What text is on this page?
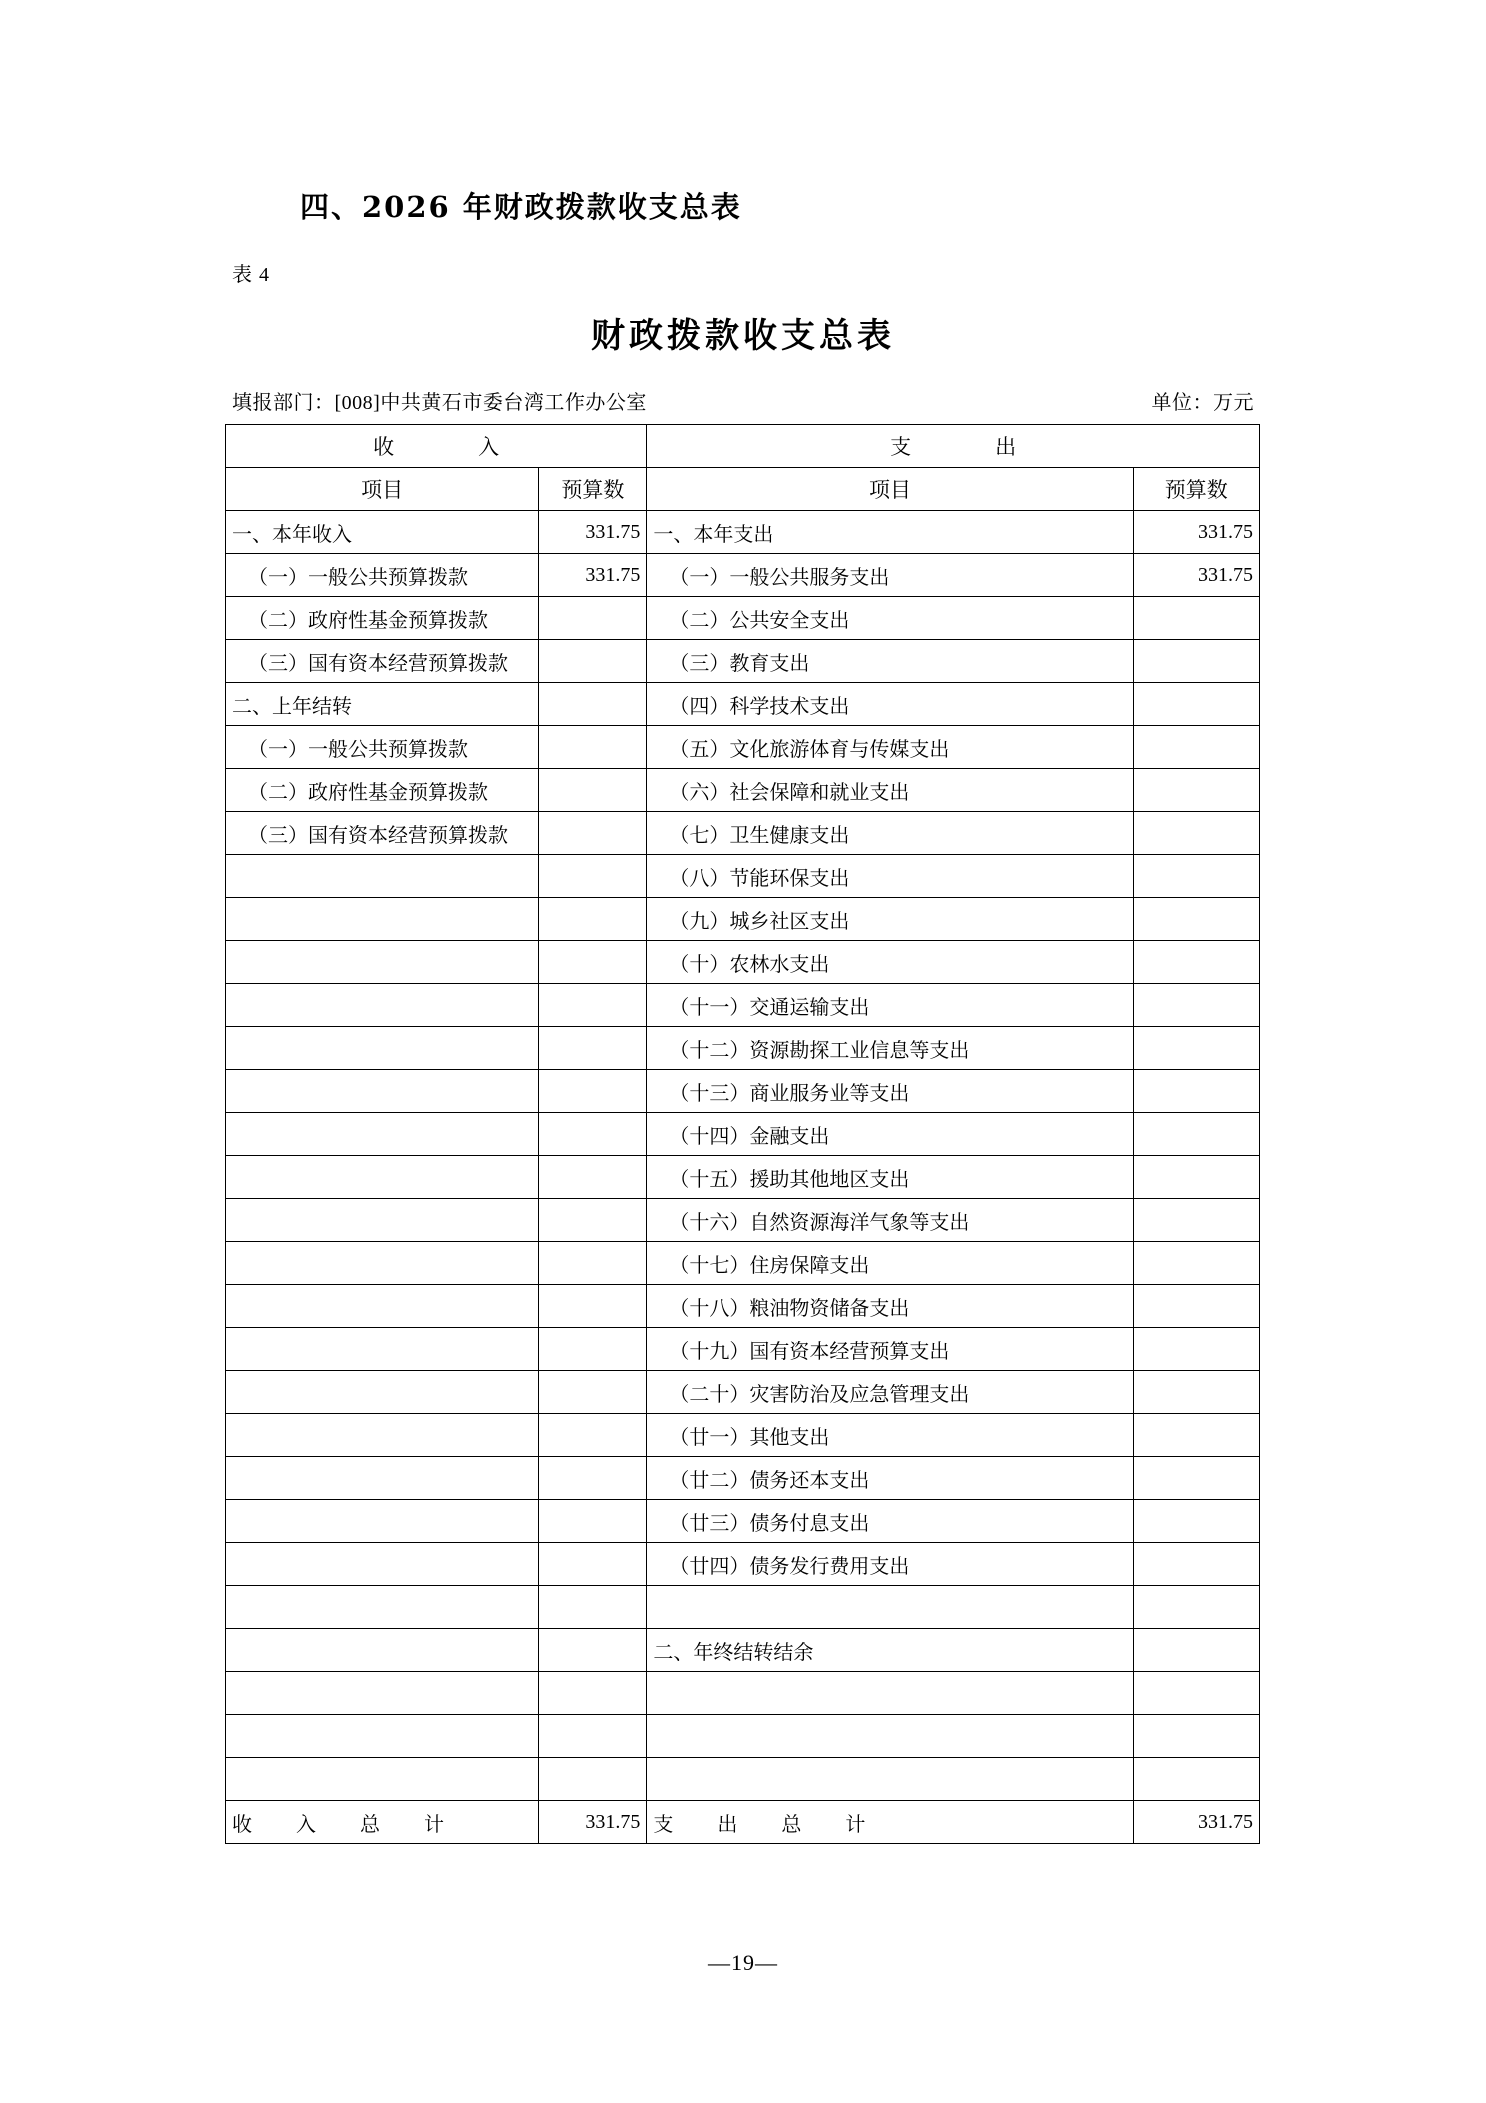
四、2026 年财政拨款收支总表
表 4
财政拨款收支总表
填报部门：[008]中共黄石市委台湾工作办公室	单位：万元
收　　入		支　　出	
项目	预算数	项目	预算数
一、本年收入	331.75	一、本年支出	331.75
（一）一般公共预算拨款	331.75	（一）一般公共服务支出	331.75
（二）政府性基金预算拨款		（二）公共安全支出	
（三）国有资本经营预算拨款		（三）教育支出	
二、上年结转		（四）科学技术支出	
（一）一般公共预算拨款		（五）文化旅游体育与传媒支出	
（二）政府性基金预算拨款		（六）社会保障和就业支出	
（三）国有资本经营预算拨款		（七）卫生健康支出	
		（八）节能环保支出	
		（九）城乡社区支出	
		（十）农林水支出	
		（十一）交通运输支出	
		（十二）资源勘探工业信息等支出	
		（十三）商业服务业等支出	
		（十四）金融支出	
		（十五）援助其他地区支出	
		（十六）自然资源海洋气象等支出	
		（十七）住房保障支出	
		（十八）粮油物资储备支出	
		（十九）国有资本经营预算支出	
		（二十）灾害防治及应急管理支出	
		（廿一）其他支出	
		（廿二）债务还本支出	
		（廿三）债务付息支出	
		（廿四）债务发行费用支出	

		二、年终结转结余	

收　入　总　计	331.75	支　出　总　计	331.75
—19—
